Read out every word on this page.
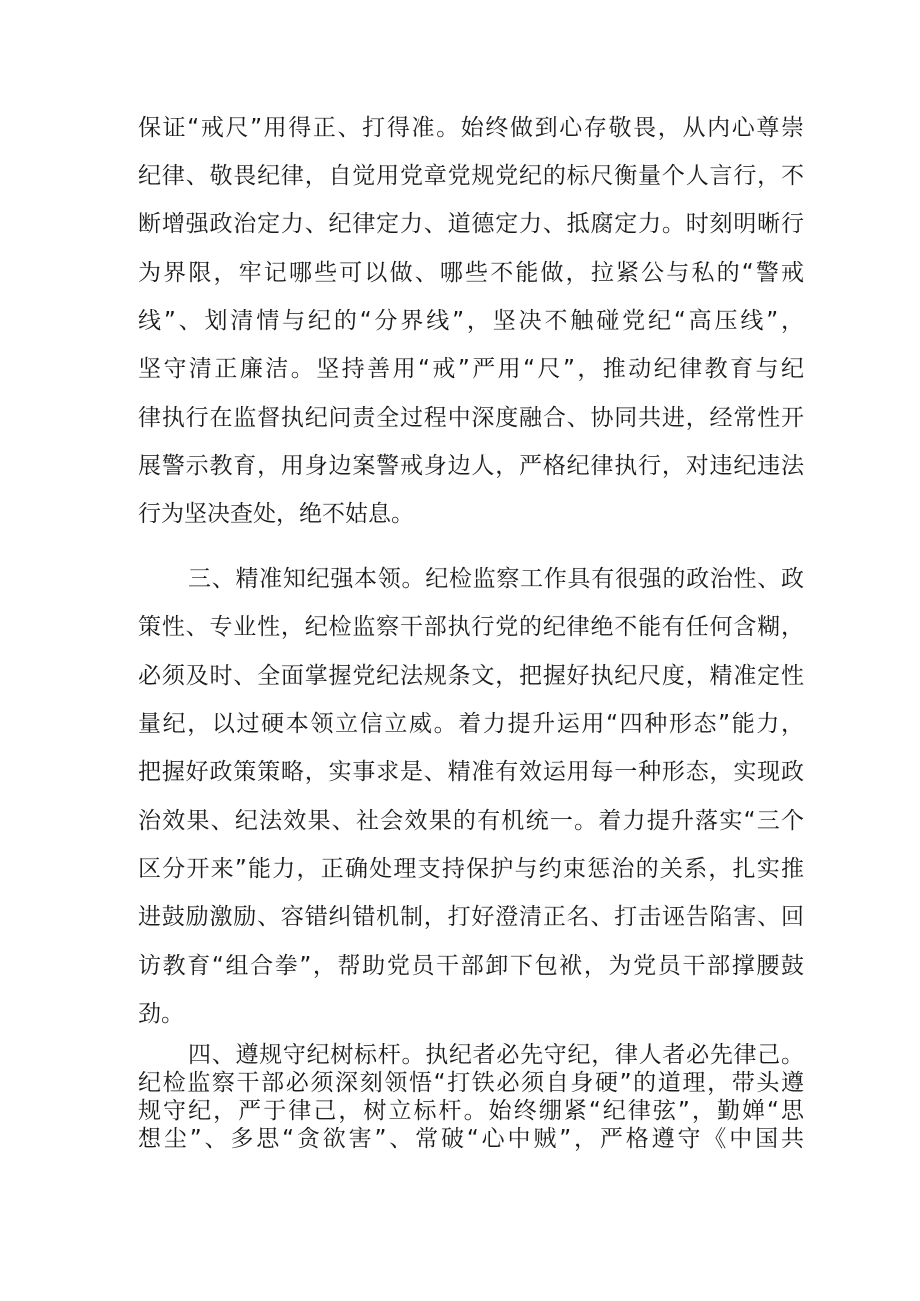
保证“戒尺”用得正、打得准。始终做到心存敬畏，从内心尊崇
纪律、敬畏纪律，自觉用党章党规党纪的标尺衡量个人言行，不
断增强政治定力、纪律定力、道德定力、抵腐定力。时刻明晰行
为界限，牢记哪些可以做、哪些不能做，拉紧公与私的“警戒
线”、划清情与纪的“分界线”，坚决不触碰党纪“高压线”，
坚守清正廉洁。坚持善用“戒”严用“尺”，推动纪律教育与纪
律执行在监督执纪问责全过程中深度融合、协同共进，经常性开
展警示教育，用身边案警戒身边人，严格纪律执行，对违纪违法
行为坚决查处，绝不姑息。
三、精准知纪强本领。纪检监察工作具有很强的政治性、政
策性、专业性，纪检监察干部执行党的纪律绝不能有任何含糊，
必须及时、全面掌握党纪法规条文，把握好执纪尺度，精准定性
量纪，以过硬本领立信立威。着力提升运用“四种形态”能力，
把握好政策策略，实事求是、精准有效运用每一种形态，实现政
治效果、纪法效果、社会效果的有机统一。着力提升落实“三个
区分开来”能力，正确处理支持保护与约束惩治的关系，扎实推
进鼓励激励、容错纠错机制，打好澄清正名、打击诬告陷害、回
访教育“组合拳”，帮助党员干部卸下包袱，为党员干部撑腰鼓
劲。
四、遵规守纪树标杆。执纪者必先守纪，律人者必先律己。
纪检监察干部必须深刻领悟“打铁必须自身硬”的道理，带头遵
规守纪，严于律己，树立标杆。始终绷紧“纪律弦”，勤婵“思
想尘”、多思“贪欲害”、常破“心中贼”，严格遵守《中国共
